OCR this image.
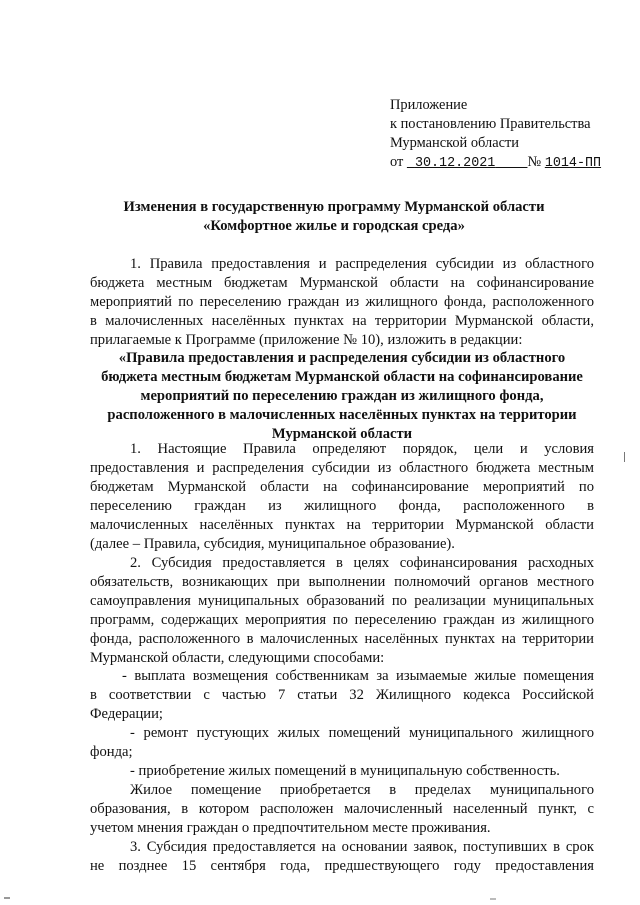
Приложение
к постановлению Правительства
Мурманской области
от 30.12.2021 № 1014-ПП
Изменения в государственную программу Мурманской области
«Комфортное жилье и городская среда»
1. Правила предоставления и распределения субсидии из областного
бюджета местным бюджетам Мурманской области на софинансирование
мероприятий по переселению граждан из жилищного фонда, расположенного
в малочисленных населённых пунктах на территории Мурманской области,
прилагаемые к Программе (приложение № 10), изложить в редакции:
«Правила предоставления и распределения субсидии из областного
бюджета местным бюджетам Мурманской области на софинансирование
мероприятий по переселению граждан из жилищного фонда,
расположенного в малочисленных населённых пунктах на территории
Мурманской области
1. Настоящие Правила определяют порядок, цели и условия
предоставления и распределения субсидии из областного бюджета местным
бюджетам Мурманской области на софинансирование мероприятий по
переселению граждан из жилищного фонда, расположенного в
малочисленных населённых пунктах на территории Мурманской области
(далее – Правила, субсидия, муниципальное образование).
2. Субсидия предоставляется в целях софинансирования расходных
обязательств, возникающих при выполнении полномочий органов местного
самоуправления муниципальных образований по реализации муниципальных
программ, содержащих мероприятия по переселению граждан из жилищного
фонда, расположенного в малочисленных населённых пунктах на территории
Мурманской области, следующими способами:
- выплата возмещения собственникам за изымаемые жилые помещения
в соответствии с частью 7 статьи 32 Жилищного кодекса Российской
Федерации;
- ремонт пустующих жилых помещений муниципального жилищного
фонда;
- приобретение жилых помещений в муниципальную собственность.
Жилое помещение приобретается в пределах муниципального
образования, в котором расположен малочисленный населенный пункт, с
учетом мнения граждан о предпочтительном месте проживания.
3. Субсидия предоставляется на основании заявок, поступивших в срок
не позднее 15 сентября года, предшествующего году предоставления
